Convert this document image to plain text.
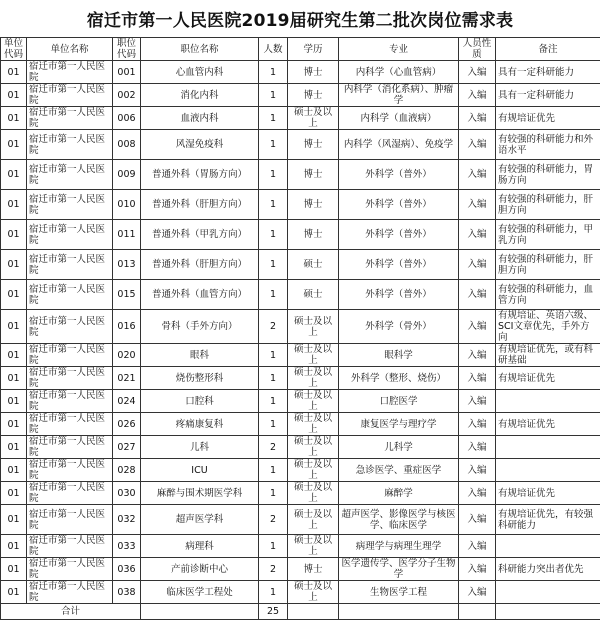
宿迁市第一人民医院2019届研究生第二批次岗位需求表
单位代码	单位名称	职位代码	职位名称	人数	学历	专业	人员性质	备注
01	宿迁市第一人民医院	001	心血管内科	1	博士	内科学（心血管病）	入编	具有一定科研能力
01	宿迁市第一人民医院	002	消化内科	1	博士	内科学（消化系病）、肿瘤学	入编	具有一定科研能力
01	宿迁市第一人民医院	006	血液内科	1	硕士及以上	内科学（血液病）	入编	有规培证优先
01	宿迁市第一人民医院	008	风湿免疫科	1	博士	内科学（风湿病）、免疫学	入编	有较强的科研能力和外语水平
01	宿迁市第一人民医院	009	普通外科（胃肠方向）	1	博士	外科学（普外）	入编	有较强的科研能力，胃肠方向
01	宿迁市第一人民医院	010	普通外科（肝胆方向）	1	博士	外科学（普外）	入编	有较强的科研能力，肝胆方向
01	宿迁市第一人民医院	011	普通外科（甲乳方向）	1	博士	外科学（普外）	入编	有较强的科研能力，甲乳方向
01	宿迁市第一人民医院	013	普通外科（肝胆方向）	1	硕士	外科学（普外）	入编	有较强的科研能力，肝胆方向
01	宿迁市第一人民医院	015	普通外科（血管方向）	1	硕士	外科学（普外）	入编	有较强的科研能力，血管方向
01	宿迁市第一人民医院	016	骨科（手外方向）	2	硕士及以上	外科学（骨外）	入编	有规培证、英语六级、SCI文章优先，手外方向
01	宿迁市第一人民医院	020	眼科	1	硕士及以上	眼科学	入编	有规培证优先，或有科研基础
01	宿迁市第一人民医院	021	烧伤整形科	1	硕士及以上	外科学（整形、烧伤）	入编	有规培证优先
01	宿迁市第一人民医院	024	口腔科	1	硕士及以上	口腔医学	入编	
01	宿迁市第一人民医院	026	疼痛康复科	1	硕士及以上	康复医学与理疗学	入编	有规培证优先
01	宿迁市第一人民医院	027	儿科	2	硕士及以上	儿科学	入编	
01	宿迁市第一人民医院	028	ICU	1	硕士及以上	急诊医学、重症医学	入编	
01	宿迁市第一人民医院	030	麻醉与围术期医学科	1	硕士及以上	麻醉学	入编	有规培证优先
01	宿迁市第一人民医院	032	超声医学科	2	硕士及以上	超声医学、影像医学与核医学、临床医学	入编	有规培证优先，有较强科研能力
01	宿迁市第一人民医院	033	病理科	1	硕士及以上	病理学与病理生理学	入编	
01	宿迁市第一人民医院	036	产前诊断中心	2	博士	医学遗传学、医学分子生物学	入编	科研能力突出者优先
01	宿迁市第一人民医院	038	临床医学工程处	1	硕士及以上	生物医学工程	入编	
合计				25				
